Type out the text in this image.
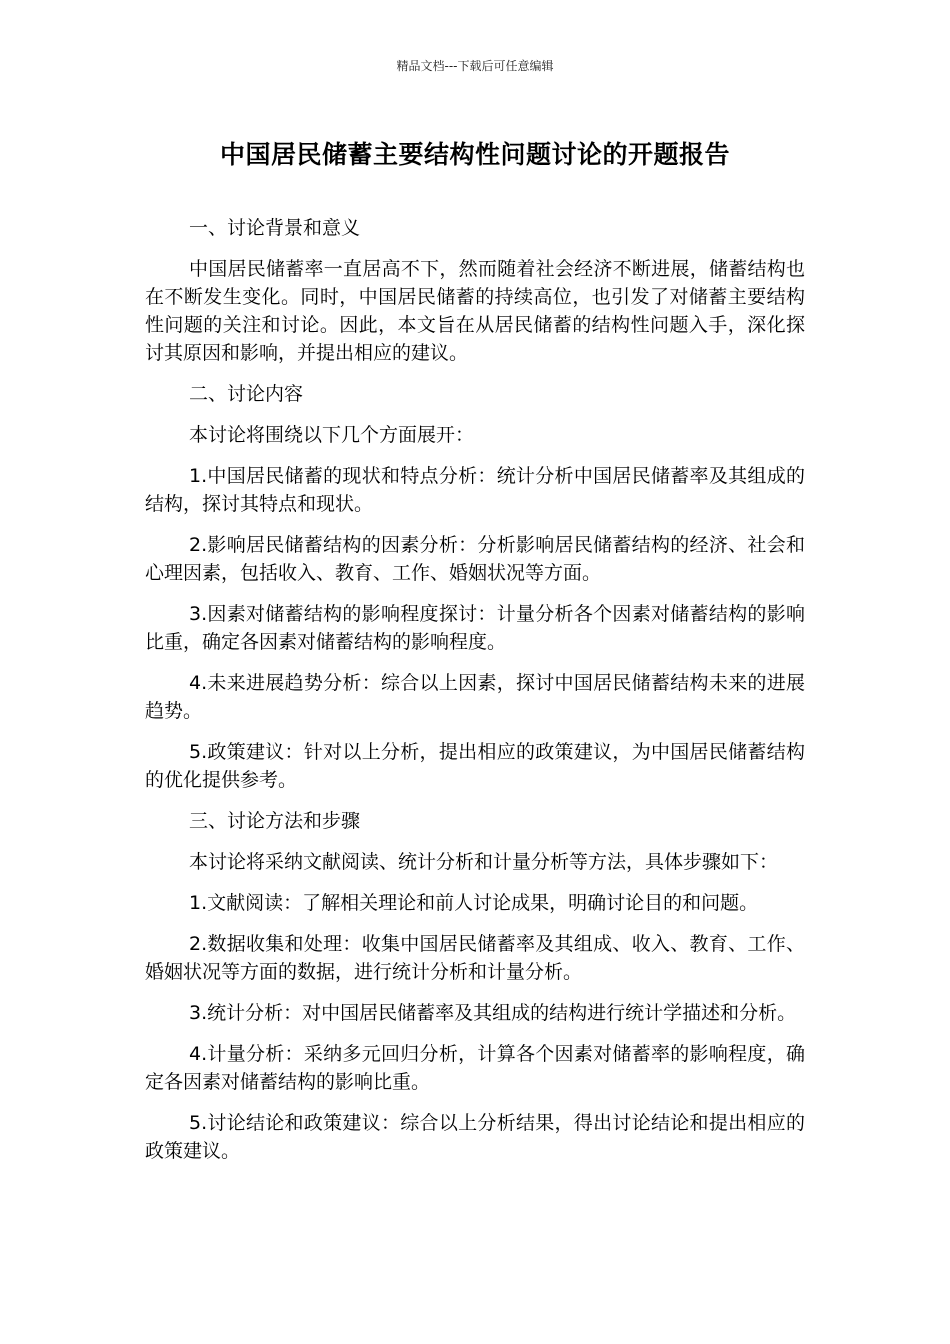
精品文档---下载后可任意编辑
中国居民储蓄主要结构性问题讨论的开题报告

一、讨论背景和意义

中国居民储蓄率一直居高不下，然而随着社会经济不断进展，储蓄结构也在不断发生变化。同时，中国居民储蓄的持续高位，也引发了对储蓄主要结构性问题的关注和讨论。因此，本文旨在从居民储蓄的结构性问题入手，深化探讨其原因和影响，并提出相应的建议。

二、讨论内容

本讨论将围绕以下几个方面展开：

1.中国居民储蓄的现状和特点分析：统计分析中国居民储蓄率及其组成的结构，探讨其特点和现状。

2.影响居民储蓄结构的因素分析：分析影响居民储蓄结构的经济、社会和心理因素，包括收入、教育、工作、婚姻状况等方面。

3.因素对储蓄结构的影响程度探讨：计量分析各个因素对储蓄结构的影响比重，确定各因素对储蓄结构的影响程度。

4.未来进展趋势分析：综合以上因素，探讨中国居民储蓄结构未来的进展趋势。

5.政策建议：针对以上分析，提出相应的政策建议，为中国居民储蓄结构的优化提供参考。

三、讨论方法和步骤

本讨论将采纳文献阅读、统计分析和计量分析等方法，具体步骤如下：

1.文献阅读：了解相关理论和前人讨论成果，明确讨论目的和问题。

2.数据收集和处理：收集中国居民储蓄率及其组成、收入、教育、工作、婚姻状况等方面的数据，进行统计分析和计量分析。

3.统计分析：对中国居民储蓄率及其组成的结构进行统计学描述和分析。

4.计量分析：采纳多元回归分析，计算各个因素对储蓄率的影响程度，确定各因素对储蓄结构的影响比重。

5.讨论结论和政策建议：综合以上分析结果，得出讨论结论和提出相应的政策建议。
